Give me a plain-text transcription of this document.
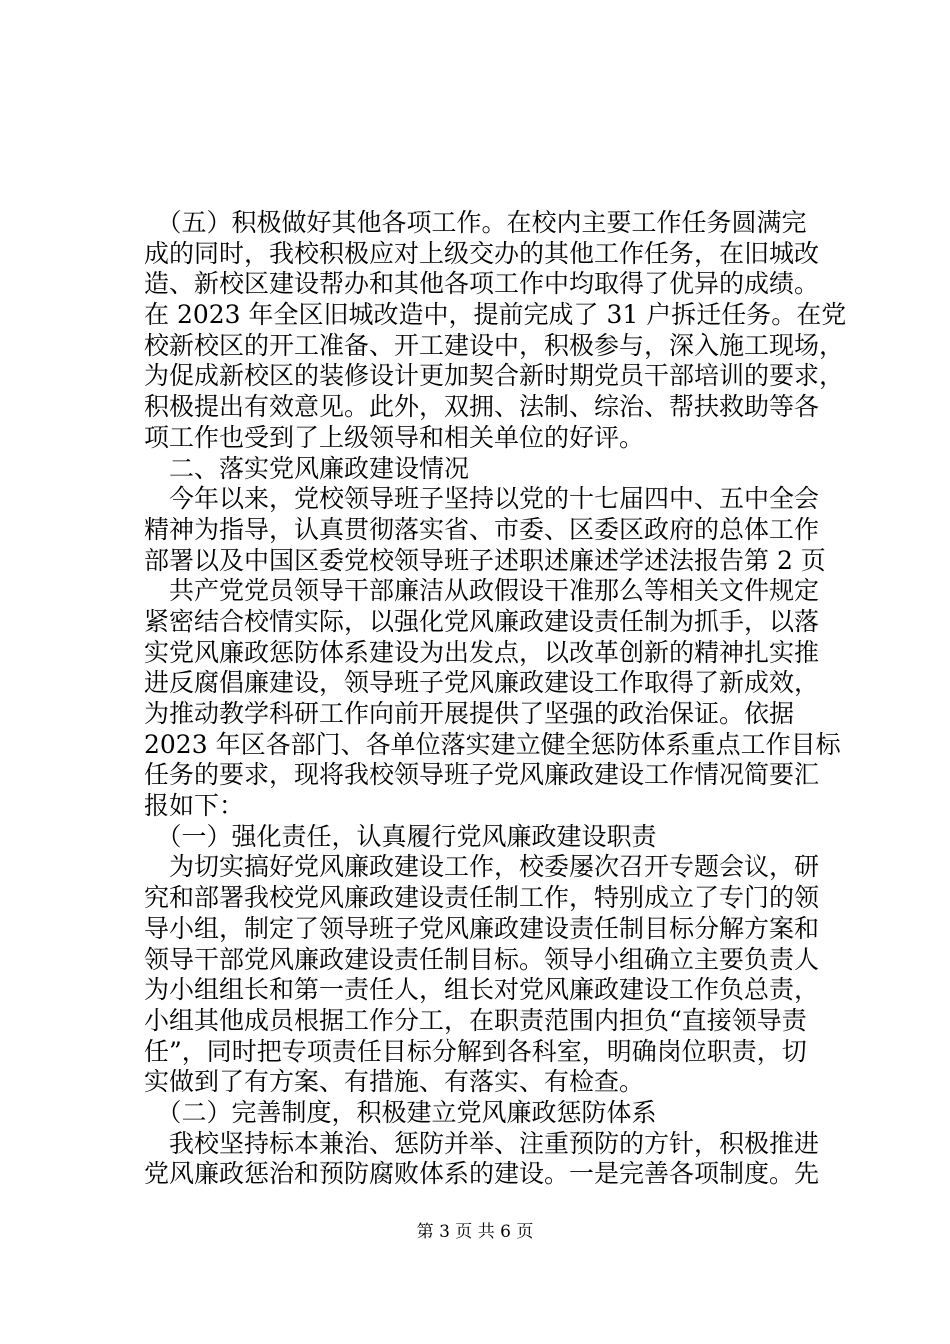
　（五）积极做好其他各项工作。在校内主要工作任务圆满完
成的同时，我校积极应对上级交办的其他工作任务，在旧城改
造、新校区建设帮办和其他各项工作中均取得了优异的成绩。
在 2023 年全区旧城改造中，提前完成了 31 户拆迁任务。在党
校新校区的开工准备、开工建设中，积极参与，深入施工现场，
为促成新校区的装修设计更加契合新时期党员干部培训的要求，
积极提出有效意见。此外，双拥、法制、综治、帮扶救助等各
项工作也受到了上级领导和相关单位的好评。
　二、落实党风廉政建设情况
　今年以来，党校领导班子坚持以党的十七届四中、五中全会
精神为指导，认真贯彻落实省、市委、区委区政府的总体工作
部署以及中国区委党校领导班子述职述廉述学述法报告第 2 页
　共产党党员领导干部廉洁从政假设干准那么等相关文件规定
紧密结合校情实际，以强化党风廉政建设责任制为抓手，以落
实党风廉政惩防体系建设为出发点，以改革创新的精神扎实推
进反腐倡廉建设，领导班子党风廉政建设工作取得了新成效，
为推动教学科研工作向前开展提供了坚强的政治保证。依据
2023 年区各部门、各单位落实建立健全惩防体系重点工作目标
任务的要求，现将我校领导班子党风廉政建设工作情况简要汇
报如下：
　（一）强化责任，认真履行党风廉政建设职责
　为切实搞好党风廉政建设工作，校委屡次召开专题会议，研
究和部署我校党风廉政建设责任制工作，特别成立了专门的领
导小组，制定了领导班子党风廉政建设责任制目标分解方案和
领导干部党风廉政建设责任制目标。领导小组确立主要负责人
为小组组长和第一责任人，组长对党风廉政建设工作负总责，
小组其他成员根据工作分工，在职责范围内担负“直接领导责
任”，同时把专项责任目标分解到各科室，明确岗位职责，切
实做到了有方案、有措施、有落实、有检查。
　（二）完善制度，积极建立党风廉政惩防体系
　我校坚持标本兼治、惩防并举、注重预防的方针，积极推进
党风廉政惩治和预防腐败体系的建设。一是完善各项制度。先
第 3 页 共 6 页
